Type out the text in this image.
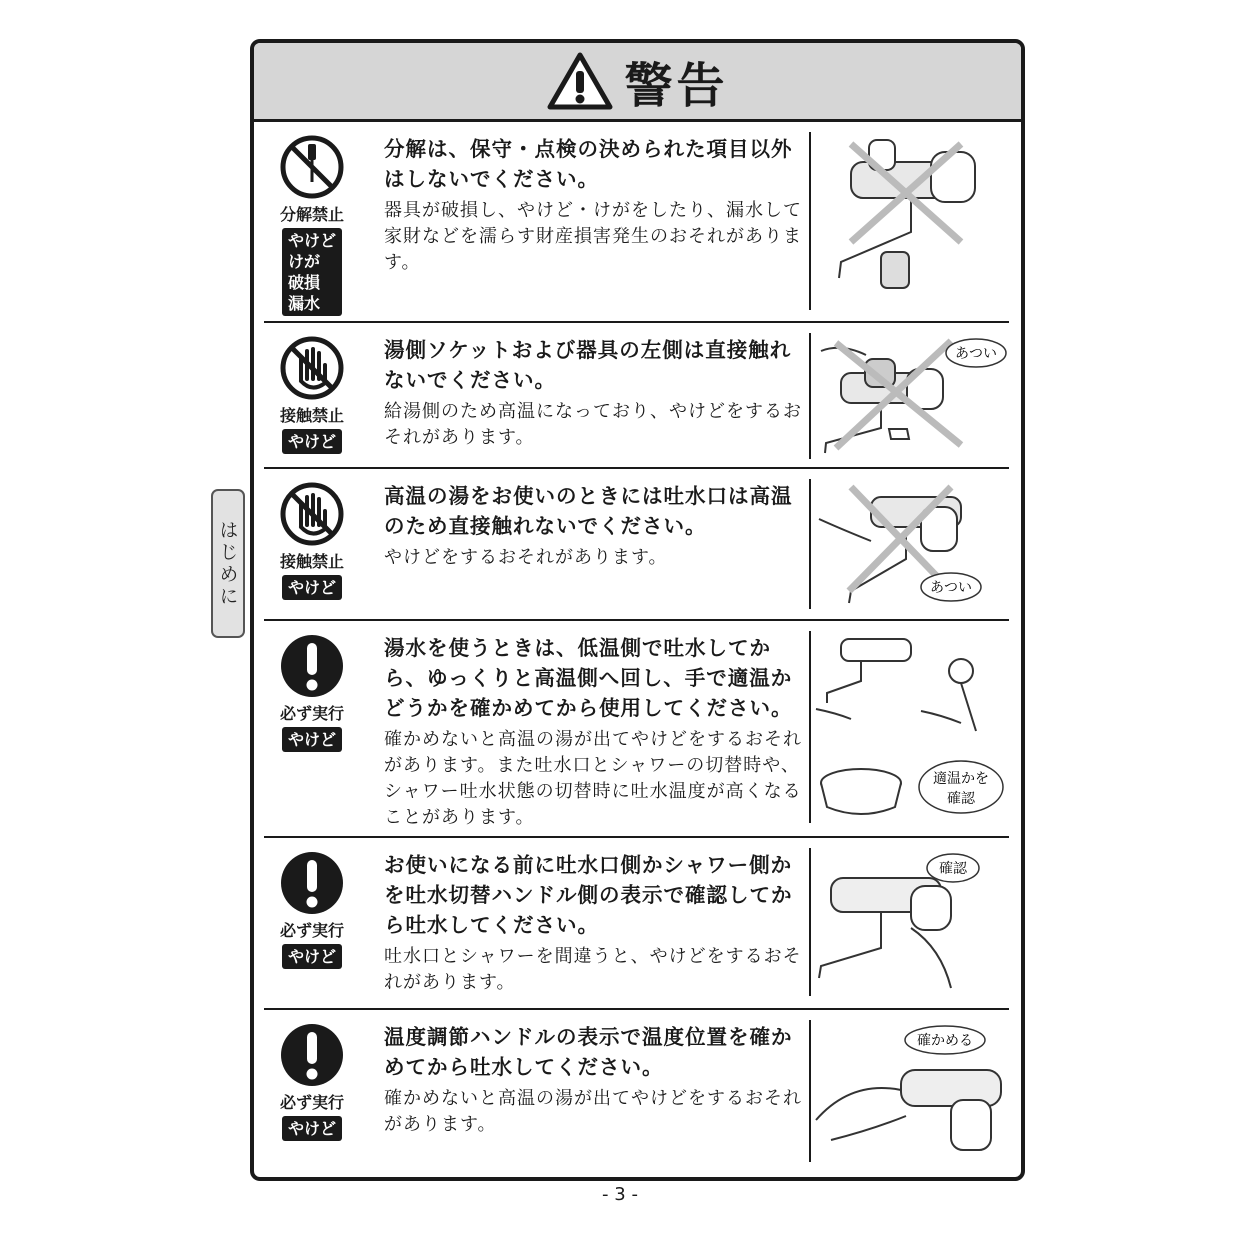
警告
分解禁止
やけど
けが
破損
漏水
分解は、保守・点検の決められた項目以外はしないでください。
器具が破損し、やけど・けがをしたり、漏水して家財などを濡らす財産損害発生のおそれがあります。
接触禁止
やけど
湯側ソケットおよび器具の左側は直接触れないでください。
給湯側のため高温になっており、やけどをするおそれがあります。
あつい
接触禁止
やけど
高温の湯をお使いのときには吐水口は高温のため直接触れないでください。
やけどをするおそれがあります。
あつい
必ず実行
やけど
湯水を使うときは、低温側で吐水してから、ゆっくりと高温側へ回し、手で適温かどうかを確かめてから使用してください。
確かめないと高温の湯が出てやけどをするおそれがあります。また吐水口とシャワーの切替時や、シャワー吐水状態の切替時に吐水温度が高くなることがあります。
適温かを
確認
必ず実行
やけど
お使いになる前に吐水口側かシャワー側かを吐水切替ハンドル側の表示で確認してから吐水してください。
吐水口とシャワーを間違うと、やけどをするおそれがあります。
確認
必ず実行
やけど
温度調節ハンドルの表示で温度位置を確かめてから吐水してください。
確かめないと高温の湯が出てやけどをするおそれがあります。
確かめる
はじめに
- 3 -
